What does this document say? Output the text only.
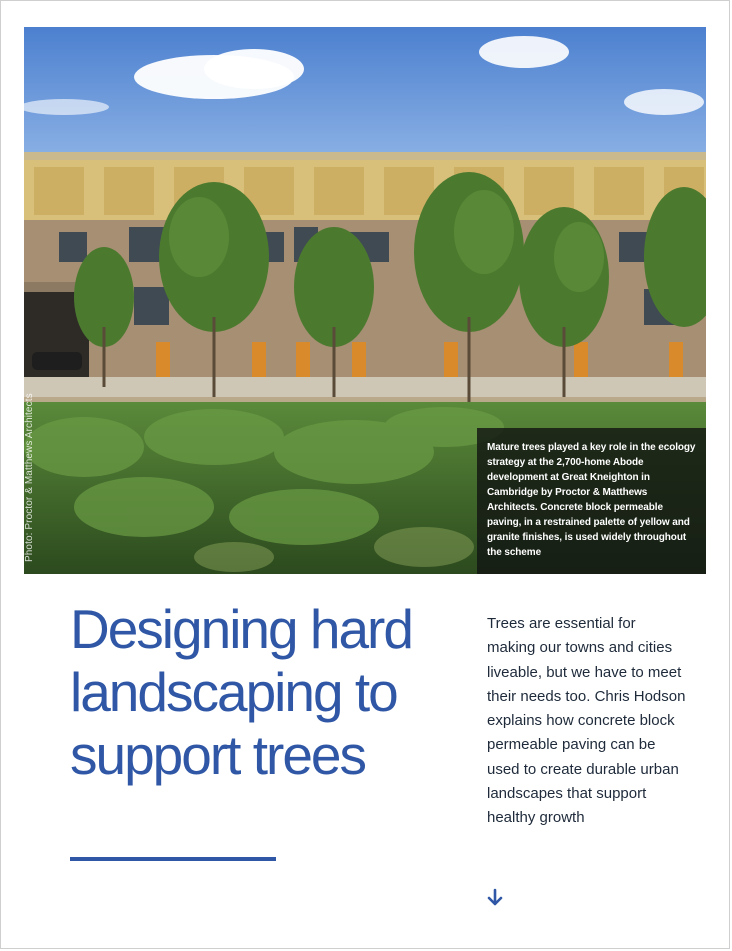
Photo: Proctor & Matthews Architects	Mature trees played a key role in the ecology strategy at the 2,700-home Abode development at Great Kneighton in Cambridge by Proctor & Matthews Architects. Concrete block permeable paving, in a restrained palette of yellow and granite finishes, is used widely throughout the scheme
Designing hard landscaping to support trees

Trees are essential for making our towns and cities liveable, but we have to meet their needs too. Chris Hodson explains how concrete block permeable paving can be used to create durable urban landscapes that support healthy growth
